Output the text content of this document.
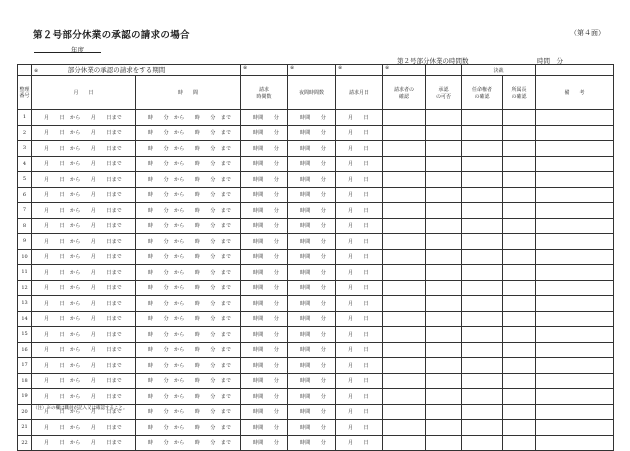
第２号部分休業の承認の請求の場合	（第４面）
年度
第２号部分休業の時間数	時間　分
	※ 部分休業の承認の請求をする期間		※	※	※	※		決裁		
整理
番号	月　　日	時　　間	請求
時間数	夜間時間数	請求月日	請求者の
確認	承認
の可否	任命権者
の確認	所属長
の確認	備　　考
1	月　　日　から　　月　　日まで	時　　分　から　　時　　分　まで	時間　　分	時間　　分	月　　日					
2	月　　日　から　　月　　日まで	時　　分　から　　時　　分　まで	時間　　分	時間　　分	月　　日					
3	月　　日　から　　月　　日まで	時　　分　から　　時　　分　まで	時間　　分	時間　　分	月　　日					
4	月　　日　から　　月　　日まで	時　　分　から　　時　　分　まで	時間　　分	時間　　分	月　　日					
5	月　　日　から　　月　　日まで	時　　分　から　　時　　分　まで	時間　　分	時間　　分	月　　日					
6	月　　日　から　　月　　日まで	時　　分　から　　時　　分　まで	時間　　分	時間　　分	月　　日					
7	月　　日　から　　月　　日まで	時　　分　から　　時　　分　まで	時間　　分	時間　　分	月　　日					
8	月　　日　から　　月　　日まで	時　　分　から　　時　　分　まで	時間　　分	時間　　分	月　　日					
9	月　　日　から　　月　　日まで	時　　分　から　　時　　分　まで	時間　　分	時間　　分	月　　日					
10	月　　日　から　　月　　日まで	時　　分　から　　時　　分　まで	時間　　分	時間　　分	月　　日					
11	月　　日　から　　月　　日まで	時　　分　から　　時　　分　まで	時間　　分	時間　　分	月　　日					
12	月　　日　から　　月　　日まで	時　　分　から　　時　　分　まで	時間　　分	時間　　分	月　　日					
13	月　　日　から　　月　　日まで	時　　分　から　　時　　分　まで	時間　　分	時間　　分	月　　日					
14	月　　日　から　　月　　日まで	時　　分　から　　時　　分　まで	時間　　分	時間　　分	月　　日					
15	月　　日　から　　月　　日まで	時　　分　から　　時　　分　まで	時間　　分	時間　　分	月　　日					
16	月　　日　から　　月　　日まで	時　　分　から　　時　　分　まで	時間　　分	時間　　分	月　　日					
17	月　　日　から　　月　　日まで	時　　分　から　　時　　分　まで	時間　　分	時間　　分	月　　日					
18	月　　日　から　　月　　日まで	時　　分　から　　時　　分　まで	時間　　分	時間　　分	月　　日					
19	月　　日　から　　月　　日まで	時　　分　から　　時　　分　まで	時間　　分	時間　　分	月　　日					
20	月　　日　から　　月　　日まで	時　　分　から　　時　　分　まで	時間　　分	時間　　分	月　　日					
21	月　　日　から　　月　　日まで	時　　分　から　　時　　分　まで	時間　　分	時間　　分	月　　日					
22	月　　日　から　　月　　日まで	時　　分　から　　時　　分　まで	時間　　分	時間　　分	月　　日					
（注）※の欄は職員が記入又は確認すること。
